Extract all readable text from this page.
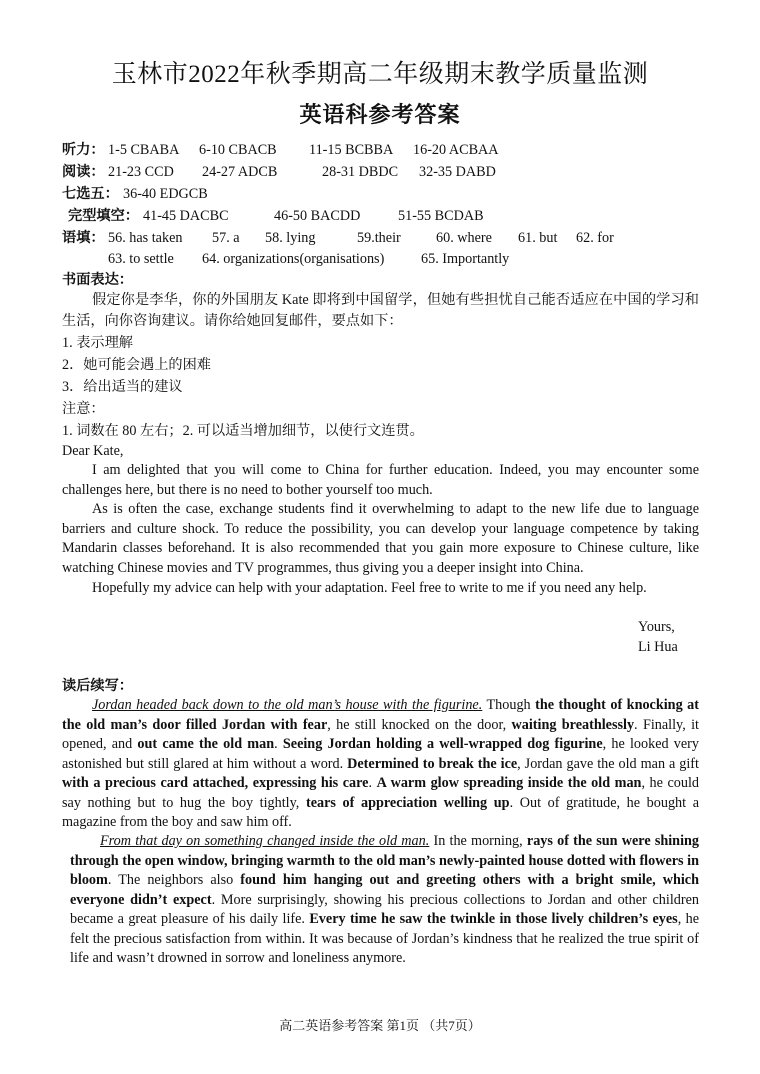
玉林市2022年秋季期高二年级期末教学质量监测
英语科参考答案
听力： 1-5 CBABA 6-10 CBACB 11-15 BCBBA 16-20 ACBAA
阅读： 21-23 CCD 24-27 ADCB	28-31 DBDC 32-35 DABD
七选五： 36-40 EDGCB
完型填空： 41-45 DACBC	46-50 BACDD	51-55 BCDAB
语填： 56. has taken 57. a 58. lying	59.their 60. where 61. but 62. for
63. to settle 64. organizations(organisations)	65. Importantly
书面表达：
假定你是李华，你的外国朋友 Kate 即将到中国留学，但她有些担忧自己能否适应在中国的学习和生活，向你咨询建议。请你给她回复邮件，要点如下：
1. 表示理解
2．她可能会遇上的困难
3．给出适当的建议
注意：
1. 词数在 80 左右；2. 可以适当增加细节，以使行文连贯。
Dear Kate,

I am delighted that you will come to China for further education. Indeed, you may encounter some challenges here, but there is no need to bother yourself too much.

As is often the case, exchange students find it overwhelming to adapt to the new life due to language barriers and culture shock. To reduce the possibility, you can develop your language competence by taking Mandarin classes beforehand. It is also recommended that you gain more exposure to Chinese culture, like watching Chinese movies and TV programmes, thus giving you a deeper insight into China.

Hopefully my advice can help with your adaptation. Feel free to write to me if you need any help.

Yours,
Li Hua
读后续写：

Jordan headed back down to the old man’s house with the figurine. Though the thought of knocking at the old man’s door filled Jordan with fear, he still knocked on the door, waiting breathlessly. Finally, it opened, and out came the old man. Seeing Jordan holding a well-wrapped dog figurine, he looked very astonished but still glared at him without a word. Determined to break the ice, Jordan gave the old man a gift with a precious card attached, expressing his care. A warm glow spreading inside the old man, he could say nothing but to hug the boy tightly, tears of appreciation welling up. Out of gratitude, he bought a magazine from the boy and saw him off.

From that day on something changed inside the old man. In the morning, rays of the sun were shining through the open window, bringing warmth to the old man’s newly-painted house dotted with flowers in bloom. The neighbors also found him hanging out and greeting others with a bright smile, which everyone didn’t expect. More surprisingly, showing his precious collections to Jordan and other children became a great pleasure of his daily life. Every time he saw the twinkle in those lively children’s eyes, he felt the precious satisfaction from within. It was because of Jordan’s kindness that he realized the true spirit of life and wasn’t drowned in sorrow and loneliness anymore.

高二英语参考答案 第1页 （共7页）
